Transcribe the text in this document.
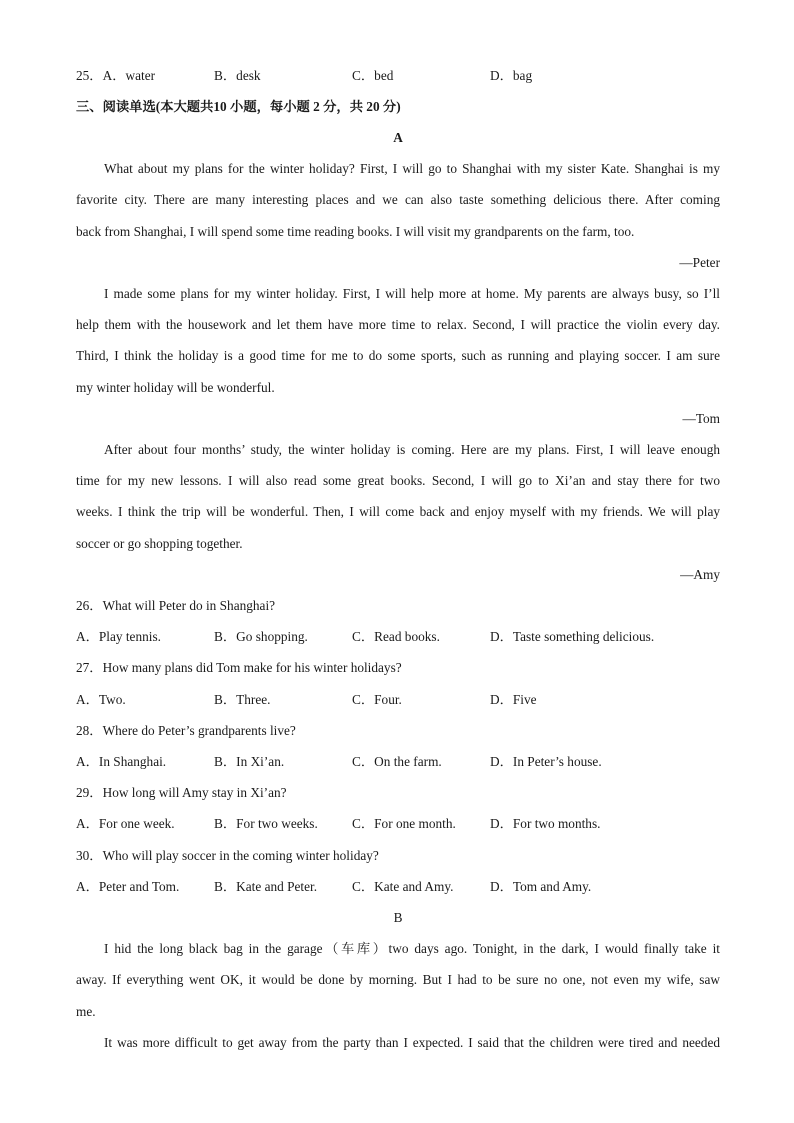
25．A．water	B．desk	C．bed	D．bag
三、阅读单选(本大题共10 小题，每小题 2 分，共 20 分)
A
What about my plans for the winter holiday? First, I will go to Shanghai with my sister Kate. Shanghai is my
favorite city. There are many interesting places and we can also taste something delicious there. After coming
back from Shanghai, I will spend some time reading books. I will visit my grandparents on the farm, too.
—Peter
I made some plans for my winter holiday. First, I will help more at home. My parents are always busy, so I’ll
help them with the housework and let them have more time to relax. Second, I will practice the violin every day.
Third, I think the holiday is a good time for me to do some sports, such as running and playing soccer. I am sure
my winter holiday will be wonderful.
—Tom
After about four months’ study, the winter holiday is coming. Here are my plans. First, I will leave enough
time for my new lessons. I will also read some great books. Second, I will go to Xi’an and stay there for two
weeks. I think the trip will be wonderful. Then, I will come back and enjoy myself with my friends. We will play
soccer or go shopping together.
—Amy
26．What will Peter do in Shanghai?
A．Play tennis.	B．Go shopping.	C．Read books.	D．Taste something delicious.
27．How many plans did Tom make for his winter holidays?
A．Two.	B．Three.	C．Four.	D．Five
28．Where do Peter’s grandparents live?
A．In Shanghai.	B．In Xi’an.	C．On the farm.	D．In Peter’s house.
29．How long will Amy stay in Xi’an?
A．For one week.	B．For two weeks.	C．For one month.	D．For two months.
30．Who will play soccer in the coming winter holiday?
A．Peter and Tom.	B．Kate and Peter.	C．Kate and Amy.	D．Tom and Amy.
B
I hid the long black bag in the garage（车库）two days ago. Tonight, in the dark, I would finally take it
away. If everything went OK, it would be done by morning. But I had to be sure no one, not even my wife, saw
me.
It was more difficult to get away from the party than I expected. I said that the children were tired and needed
